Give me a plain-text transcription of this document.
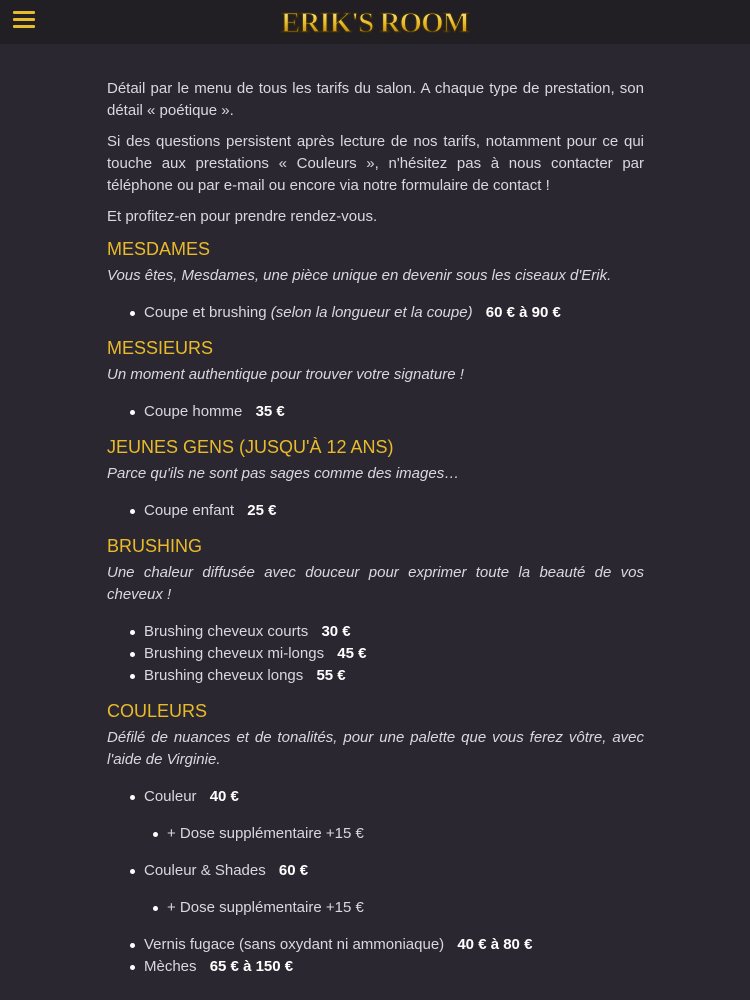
ERIK'S ROOM

Détail par le menu de tous les tarifs du salon. A chaque type de prestation, son détail « poétique ».

Si des questions persistent après lecture de nos tarifs, notamment pour ce qui touche aux prestations « Couleurs », n'hésitez pas à nous contacter par téléphone ou par e-mail ou encore via notre formulaire de contact !

Et profitez-en pour prendre rendez-vous.

MESDAMES

Vous êtes, Mesdames, une pièce unique en devenir sous les ciseaux d'Erik.

Coupe et brushing (selon la longueur et la coupe) 60 € à 90 €
MESSIEURS

Un moment authentique pour trouver votre signature !

Coupe homme 35 €
JEUNES GENS (JUSQU'À 12 ANS)

Parce qu'ils ne sont pas sages comme des images…

Coupe enfant 25 €
BRUSHING

Une chaleur diffusée avec douceur pour exprimer toute la beauté de vos cheveux !

Brushing cheveux courts 30 €
Brushing cheveux mi-longs 45 €
Brushing cheveux longs 55 €
COULEURS

Défilé de nuances et de tonalités, pour une palette que vous ferez vôtre, avec l'aide de Virginie.

Couleur 40 €
+ Dose supplémentaire +15 €
Couleur & Shades 60 €
+ Dose supplémentaire +15 €
Vernis fugace (sans oxydant ni ammoniaque) 40 € à 80 €
Mèches 65 € à 150 €
